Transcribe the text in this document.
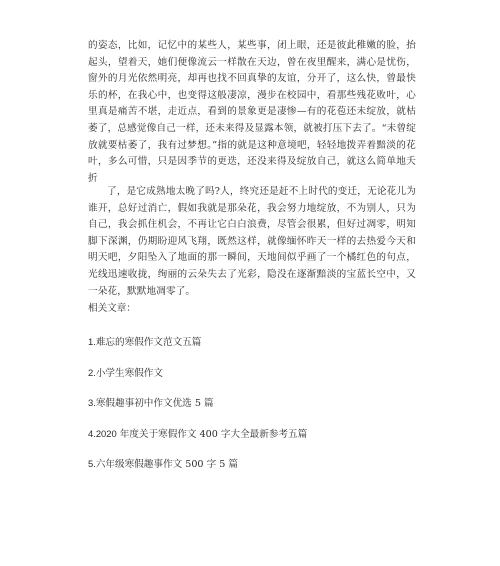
的姿态，比如，记忆中的某些人，某些事，闭上眼，还是彼此稚嫩的脸，抬起头，望着天，她们便像流云一样散在天边，曾在夜里醒来，满心是忧伤，窗外的月光依然明亮，却再也找不回真挚的友谊，分开了，这么快，曾最快乐的杯，在我心中，也变得这般凄凉，漫步在校园中，看那些残花败叶，心里真是痛苦不堪，走近点，看到的景象更是凄惨—有的花苞还未绽放，就枯萎了，总感觉像自己一样，还未来得及显露本领，就被打压下去了。“未曾绽放就要枯萎了，我有过梦想。”指的就是这种意境吧，轻轻地拨弄着黯淡的花叶，多么可惜，只是因季节的更迭，还没来得及绽放自己，就这么简单地夭折

了，是它成熟地太晚了吗?人，终究还是赶不上时代的变迁，无论花儿为谁开，总好过消亡，假如我就是那朵花，我会努力地绽放，不为别人，只为自己，我会抓住机会，不再让它白白浪费，尽管会很累，但好过凋零，明知脚下深渊，仍期盼迎风飞翔，既然这样，就像缅怀昨天一样的去热爱今天和明天吧，夕阳坠入了地面的那一瞬间，天地间似乎画了一个橘红色的句点，光线迅速收拢，绚丽的云朵失去了光彩，隐没在逐渐黯淡的宝蓝长空中，又一朵花，默默地凋零了。

相关文章：

1.难忘的寒假作文范文五篇
2.小学生寒假作文
3.寒假趣事初中作文优选 5 篇
4.2020 年度关于寒假作文 400 字大全最新参考五篇
5.六年级寒假趣事作文 500 字 5 篇
